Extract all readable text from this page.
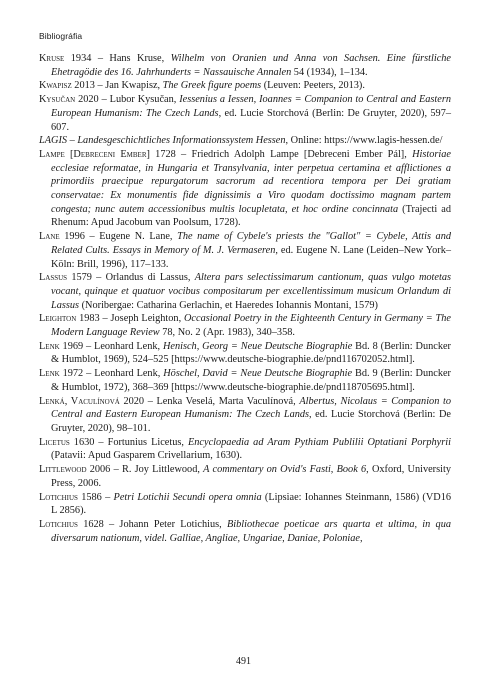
Bibliográfia

Kruse 1934 – Hans Kruse, Wilhelm von Oranien und Anna von Sachsen. Eine fürstliche Ehetragödie des 16. Jahrhunderts = Nassauische Annalen 54 (1934), 1–134.

Kwapisz 2013 – Jan Kwapisz, The Greek figure poems (Leuven: Peeters, 2013).

Kysučan 2020 – Lubor Kysučan, Iessenius a Iessen, Ioannes = Companion to Central and Eastern European Humanism: The Czech Lands, ed. Lucie Storchová (Berlin: De Gruyter, 2020), 597–607.

LAGIS – Landesgeschichtliches Informationssystem Hessen, Online: https://www.lagis-hessen.de/

Lampe [Debreceni Ember] 1728 – Friedrich Adolph Lampe [Debreceni Ember Pál], Historiae ecclesiae reformatae, in Hungaria et Transylvania, inter perpetua certamina et afflictiones a primordiis praecipue repurgatorum sacrorum ad recentiora tempora per Dei gratiam conservatae: Ex monumentis fide dignissimis a Viro quodam doctissimo magnam partem congesta; nunc autem accessionibus multis locupletata, et hoc ordine concinnata (Trajecti ad Rhenum: Apud Jacobum van Poolsum, 1728).

Lane 1996 – Eugene N. Lane, The name of Cybele's priests the "Gallot" = Cybele, Attis and Related Cults. Essays in Memory of M. J. Vermaseren, ed. Eugene N. Lane (Leiden–New York–Köln: Brill, 1996), 117–133.

Lassus 1579 – Orlandus di Lassus, Altera pars selectissimarum cantionum, quas vulgo motetas vocant, quinque et quatuor vocibus compositarum per excellentissimum musicum Orlandum di Lassus (Noribergae: Catharina Gerlachin, et Haeredes Iohannis Montani, 1579)

Leighton 1983 – Joseph Leighton, Occasional Poetry in the Eighteenth Century in Germany = The Modern Language Review 78, No. 2 (Apr. 1983), 340–358.

Lenk 1969 – Leonhard Lenk, Henisch, Georg = Neue Deutsche Biographie Bd. 8 (Berlin: Duncker & Humblot, 1969), 524–525 [https://www.deutsche-biographie.de/pnd116702052.html].

Lenk 1972 – Leonhard Lenk, Höschel, David = Neue Deutsche Biographie Bd. 9 (Berlin: Duncker & Humblot, 1972), 368–369 [https://www.deutsche-biographie.de/pnd118705695.html].

Lenká, Vaculínová 2020 – Lenka Veselá, Marta Vaculínová, Albertus, Nicolaus = Companion to Central and Eastern European Humanism: The Czech Lands, ed. Lucie Storchová (Berlin: De Gruyter, 2020), 98–101.

Licetus 1630 – Fortunius Licetus, Encyclopaedia ad Aram Pythiam Publilii Optatiani Porphyrii (Patavii: Apud Gasparem Crivellarium, 1630).

Littlewood 2006 – R. Joy Littlewood, A commentary on Ovid's Fasti, Book 6, Oxford, University Press, 2006.

Lotichius 1586 – Petri Lotichii Secundi opera omnia (Lipsiae: Iohannes Steinmann, 1586) (VD16 L 2856).

Lotichius 1628 – Johann Peter Lotichius, Bibliothecae poeticae ars quarta et ultima, in qua diversarum nationum, videl. Galliae, Angliae, Ungariae, Daniae, Poloniae,

491
